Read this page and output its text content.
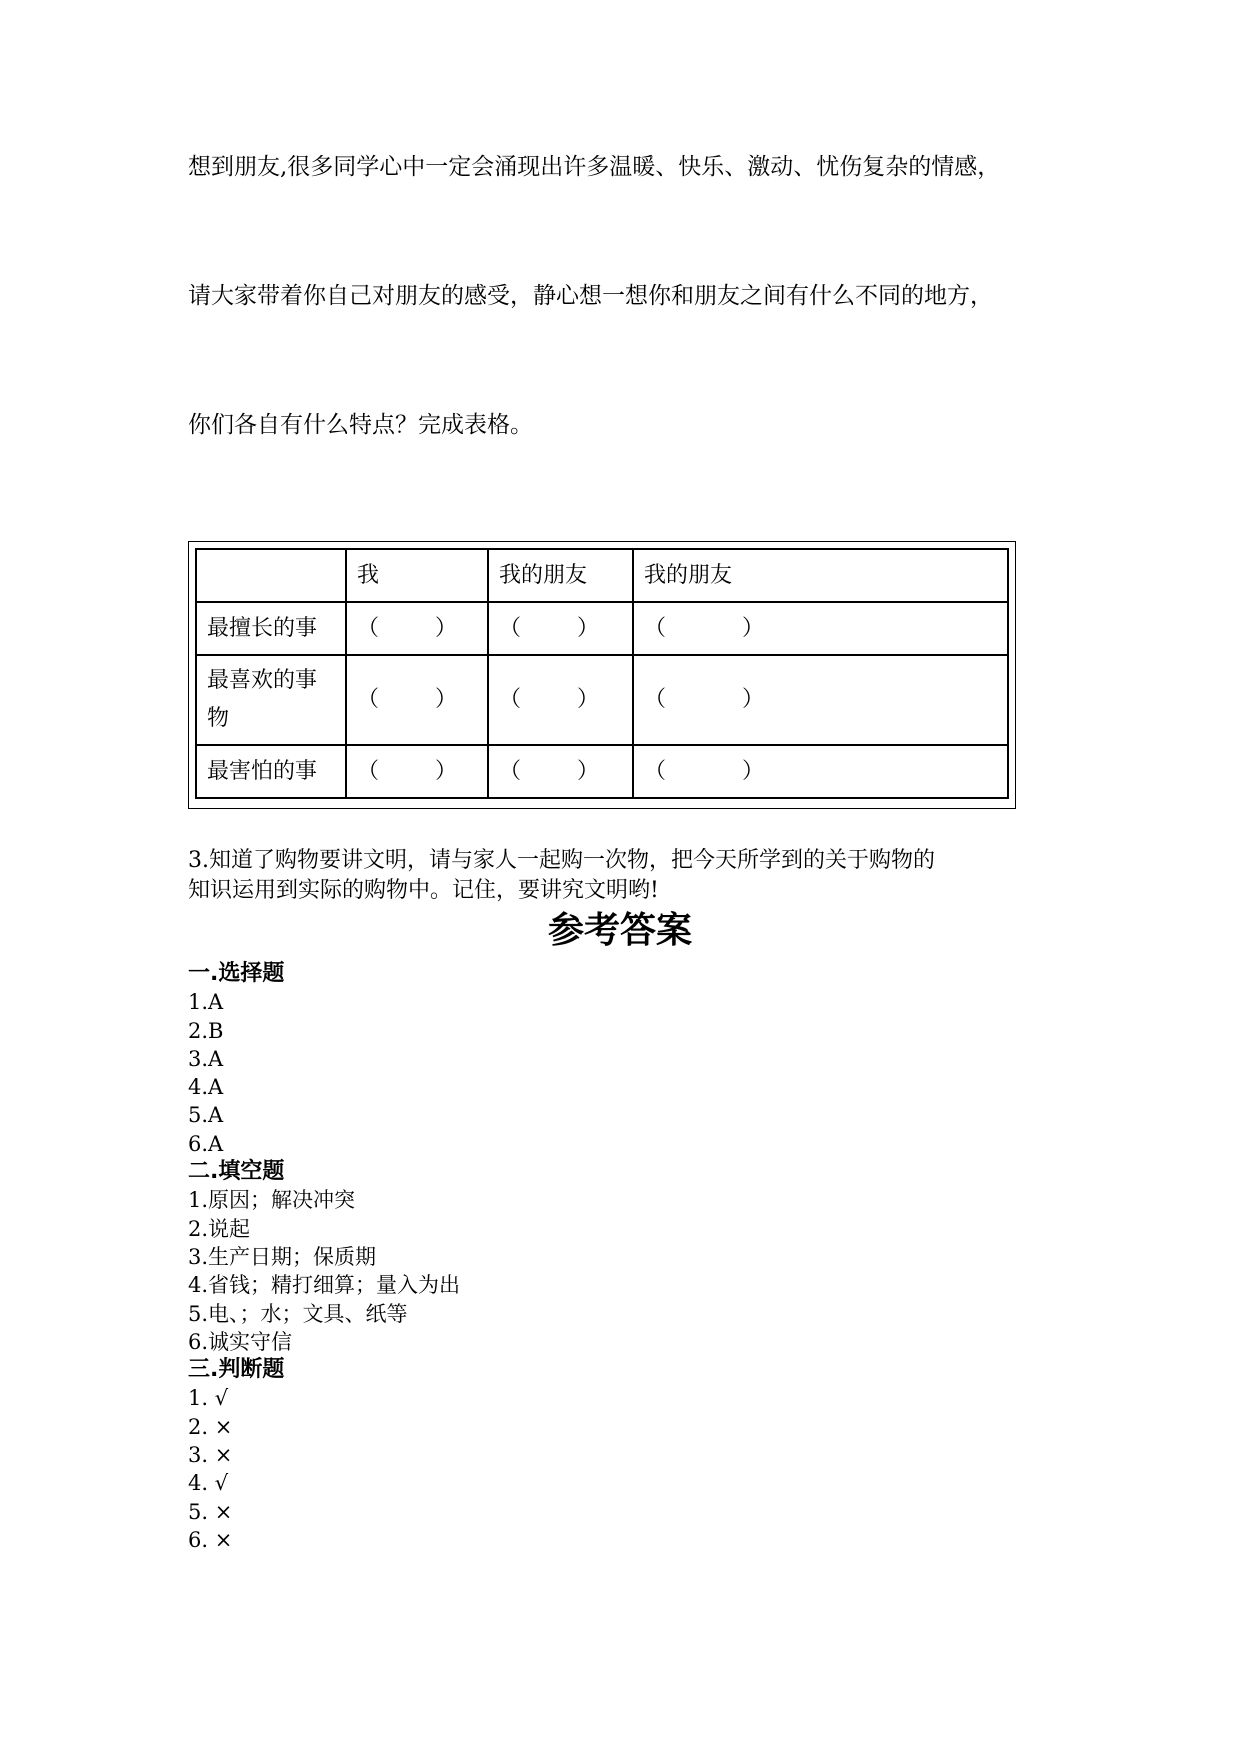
想到朋友,很多同学心中一定会涌现出许多温暖、快乐、激动、忧伤复杂的情感，
请大家带着你自己对朋友的感受，静心想一想你和朋友之间有什么不同的地方，
你们各自有什么特点？完成表格。
	我	我的朋友	我的朋友
最擅长的事	（ ）	（ ）	（ ）
最喜欢的事物	（ ）	（ ）	（ ）
最害怕的事	（ ）	（ ）	（ ）
3.知道了购物要讲文明，请与家人一起购一次物，把今天所学到的关于购物的
知识运用到实际的购物中。记住，要讲究文明哟!
参考答案
一.选择题
1.A
2.B
3.A
4.A
5.A
6.A
二.填空题
1.原因；解决冲突
2.说起
3.生产日期；保质期
4.省钱；精打细算；量入为出
5.电、；水；文具、纸等
6.诚实守信
三.判断题
1. √
2. ×
3. ×
4. √
5. ×
6. ×
